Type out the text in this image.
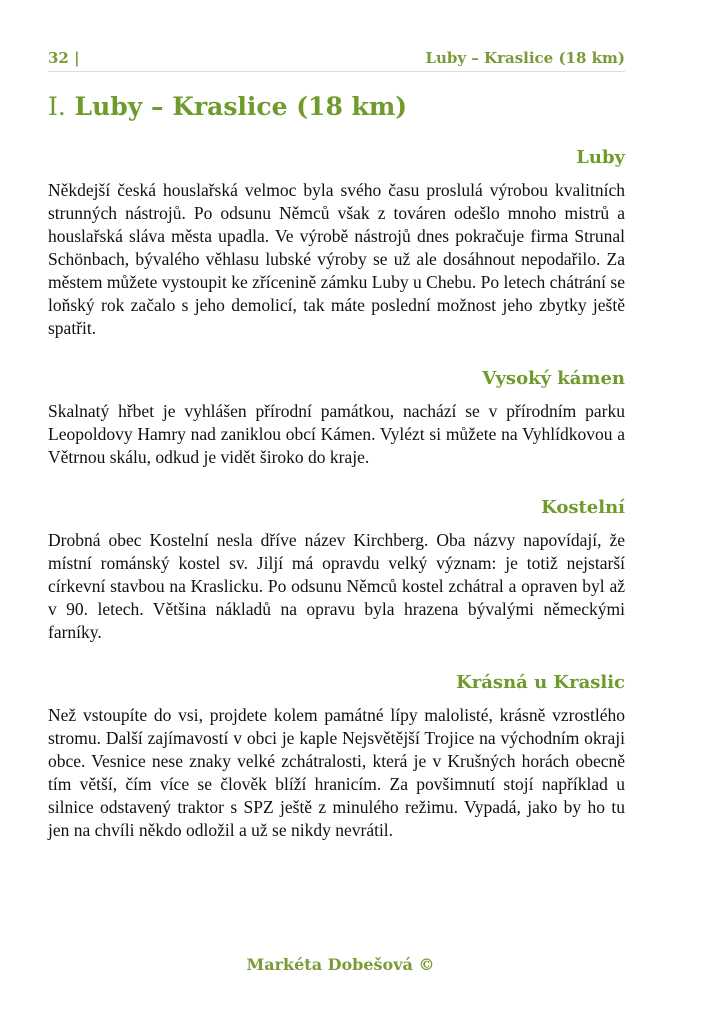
32 |	Luby – Kraslice (18 km)
I. Luby – Kraslice (18 km)
Luby

Někdejší česká houslařská velmoc byla svého času proslulá výrobou kvalitních strunných nástrojů. Po odsunu Němců však z továren odešlo mnoho mistrů a houslařská sláva města upadla. Ve výrobě nástrojů dnes pokračuje firma Strunal Schönbach, bývalého věhlasu lubské výroby se už ale dosáhnout nepodařilo. Za městem můžete vystoupit ke zřícenině zámku Luby u Chebu. Po letech chátrání se loňský rok začalo s jeho demolicí, tak máte poslední možnost jeho zbytky ještě spatřit.

Vysoký kámen

Skalnatý hřbet je vyhlášen přírodní památkou, nachází se v přírodním parku Leopoldovy Hamry nad zaniklou obcí Kámen. Vylézt si můžete na Vyhlídkovou a Větrnou skálu, odkud je vidět široko do kraje.

Kostelní

Drobná obec Kostelní nesla dříve název Kirchberg. Oba názvy napovídají, že místní románský kostel sv. Jiljí má opravdu velký význam: je totiž nejstarší církevní stavbou na Kraslicku. Po odsunu Němců kostel zchátral a opraven byl až v 90. letech. Většina nákladů na opravu byla hrazena bývalými německými farníky.

Krásná u Kraslic

Než vstoupíte do vsi, projdete kolem památné lípy malolisté, krásně vzrostlého stromu. Další zajímavostí v obci je kaple Nejsvětější Trojice na východním okraji obce. Vesnice nese znaky velké zchátralosti, která je v Krušných horách obecně tím větší, čím více se člověk blíží hranicím. Za povšimnutí stojí například u silnice odstavený traktor s SPZ ještě z minulého režimu. Vypadá, jako by ho tu jen na chvíli někdo odložil a už se nikdy nevrátil.

Markéta Dobešová ©
